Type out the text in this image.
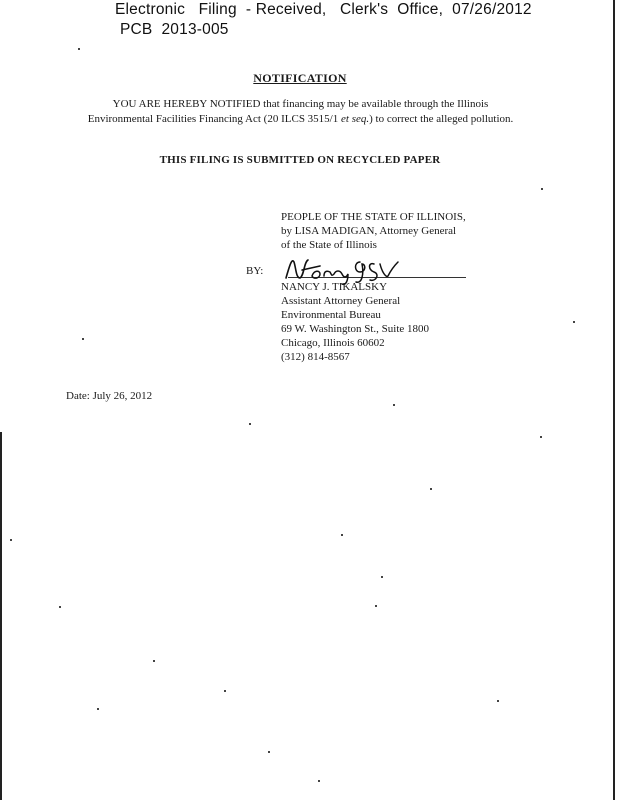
Electronic   Filing  - Received,   Clerk's  Office,  07/26/2012
PCB  2013-005
NOTIFICATION
YOU ARE HEREBY NOTIFIED that financing may be available through the Illinois
Environmental Facilities Financing Act (20 ILCS 3515/1 et seq.) to correct the alleged pollution.
THIS FILING IS SUBMITTED ON RECYCLED PAPER
PEOPLE OF THE STATE OF ILLINOIS,
by LISA MADIGAN, Attorney General
of the State of Illinois
BY:
NANCY J. TIKALSKY
Assistant Attorney General
Environmental Bureau
69 W. Washington St., Suite 1800
Chicago, Illinois 60602
(312) 814-8567
Date: July 26, 2012
